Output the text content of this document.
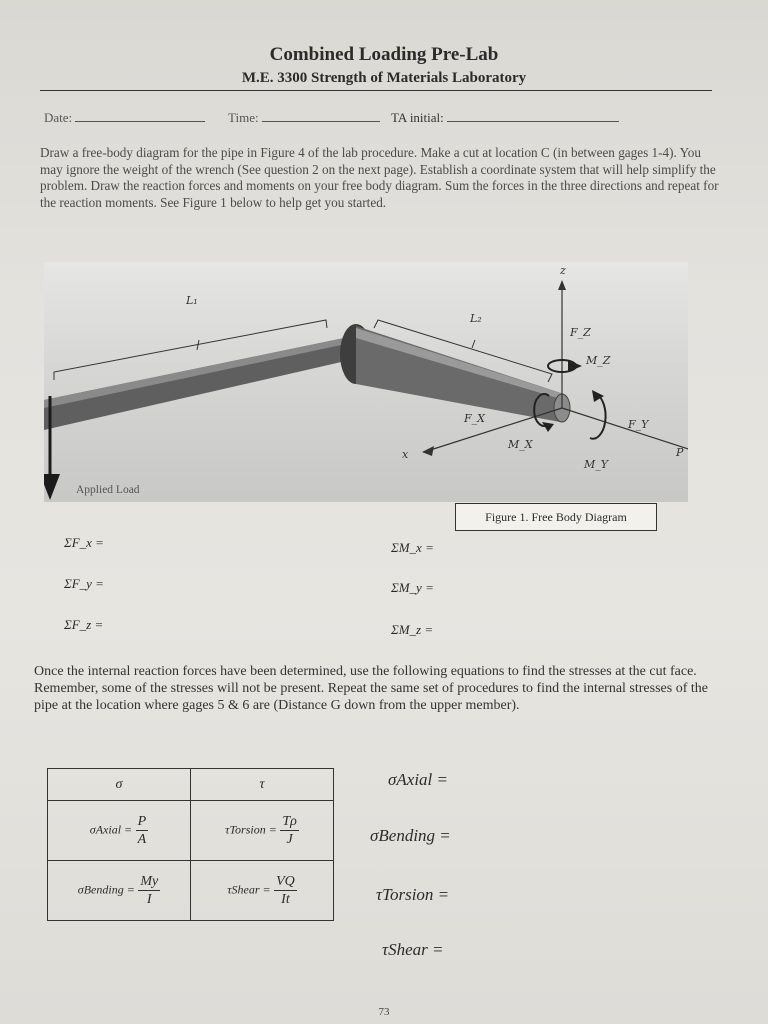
Combined Loading Pre-Lab
M.E. 3300 Strength of Materials Laboratory
Date:	Time:	TA initial:
Draw a free-body diagram for the pipe in Figure 4 of the lab procedure. Make a cut at location C (in between gages 1-4). You may ignore the weight of the wrench (See question 2 on the next page). Establish a coordinate system that will help simplify the problem. Draw the reaction forces and moments on your free body diagram. Sum the forces in the three directions and repeat for the reaction moments. See Figure 1 below to help get you started.
L₁
L₂
z
F_Z
M_Z
F_Y
F_X
M_X
x
M_Y
P
Applied Load
Figure 1. Free Body Diagram
ΣF_x =
ΣF_y =
ΣF_z =
ΣM_x =
ΣM_y =
ΣM_z =
Once the internal reaction forces have been determined, use the following equations to find the stresses at the cut face. Remember, some of the stresses will not be present. Repeat the same set of procedures to find the internal stresses of the pipe at the location where gages 5 & 6 are (Distance G down from the upper member).
σ	τ
σAxial = $\frac{P}{A}$	τTorsion = $\frac{T\rho}{J}$

σBending = $\frac{My}{I}$	τShear = $\frac{VQ}{It}$
σAxial =
σBending =
τTorsion =
τShear =
73
